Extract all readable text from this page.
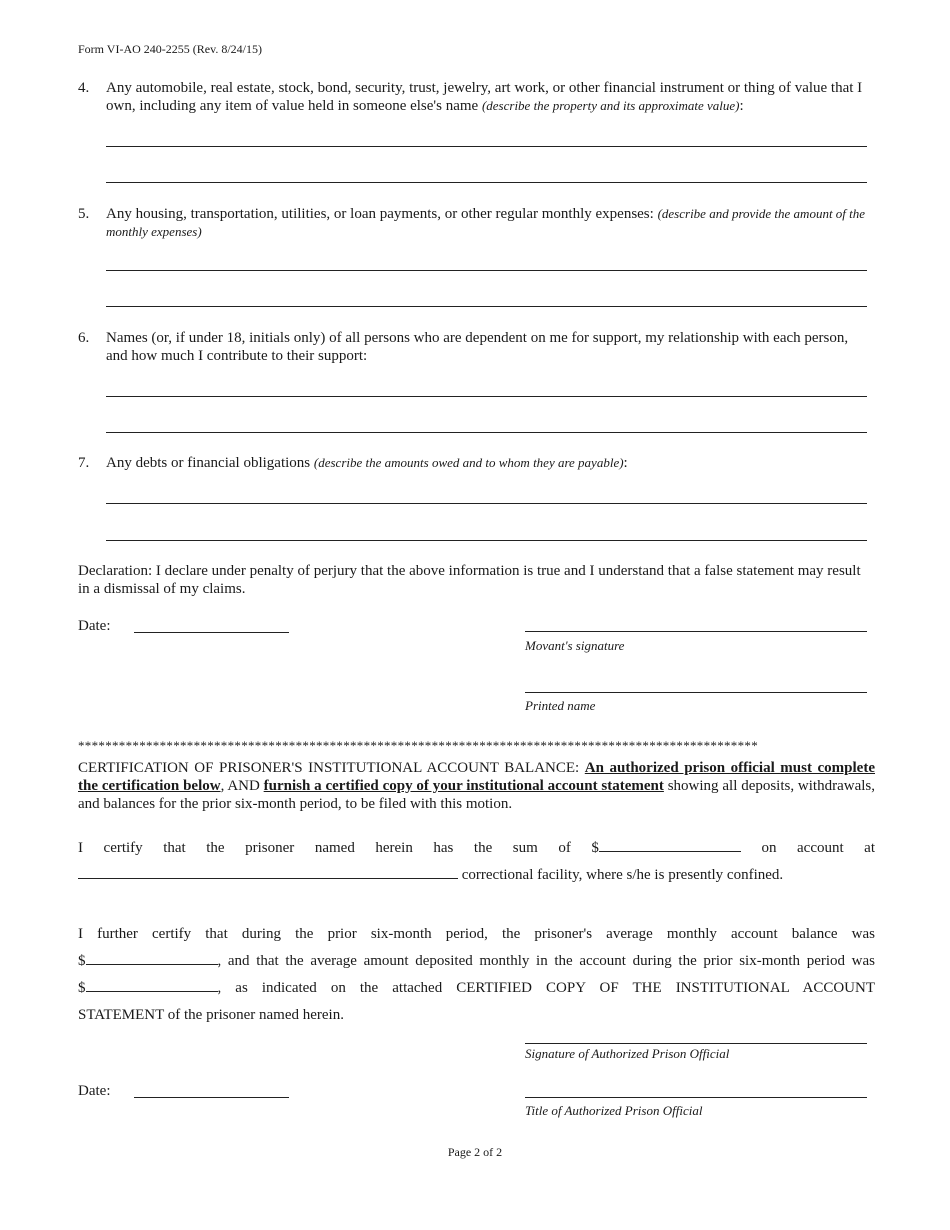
Form VI-AO 240-2255 (Rev. 8/24/15)
4. Any automobile, real estate, stock, bond, security, trust, jewelry, art work, or other financial instrument or thing of value that I own, including any item of value held in someone else's name (describe the property and its approximate value):
5. Any housing, transportation, utilities, or loan payments, or other regular monthly expenses: (describe and provide the amount of the monthly expenses)
6. Names (or, if under 18, initials only) of all persons who are dependent on me for support, my relationship with each person, and how much I contribute to their support:
7. Any debts or financial obligations (describe the amounts owed and to whom they are payable):
Declaration: I declare under penalty of perjury that the above information is true and I understand that a false statement may result in a dismissal of my claims.
Date:
Movant's signature
Printed name
****************************************************************************************************
CERTIFICATION OF PRISONER'S INSTITUTIONAL ACCOUNT BALANCE: An authorized prison official must complete the certification below, AND furnish a certified copy of your institutional account statement showing all deposits, withdrawals, and balances for the prior six-month period, to be filed with this motion.
I certify that the prisoner named herein has the sum of $	on account at
correctional facility, where s/he is presently confined.
I further certify that during the prior six-month period, the prisoner's average monthly account balance was
$	, and that the average amount deposited monthly in the account during the prior six-month period was
$	, as indicated on the attached CERTIFIED COPY OF THE INSTITUTIONAL ACCOUNT
STATEMENT of the prisoner named herein.
Signature of Authorized Prison Official
Date:
Title of Authorized Prison Official
Page 2 of 2
